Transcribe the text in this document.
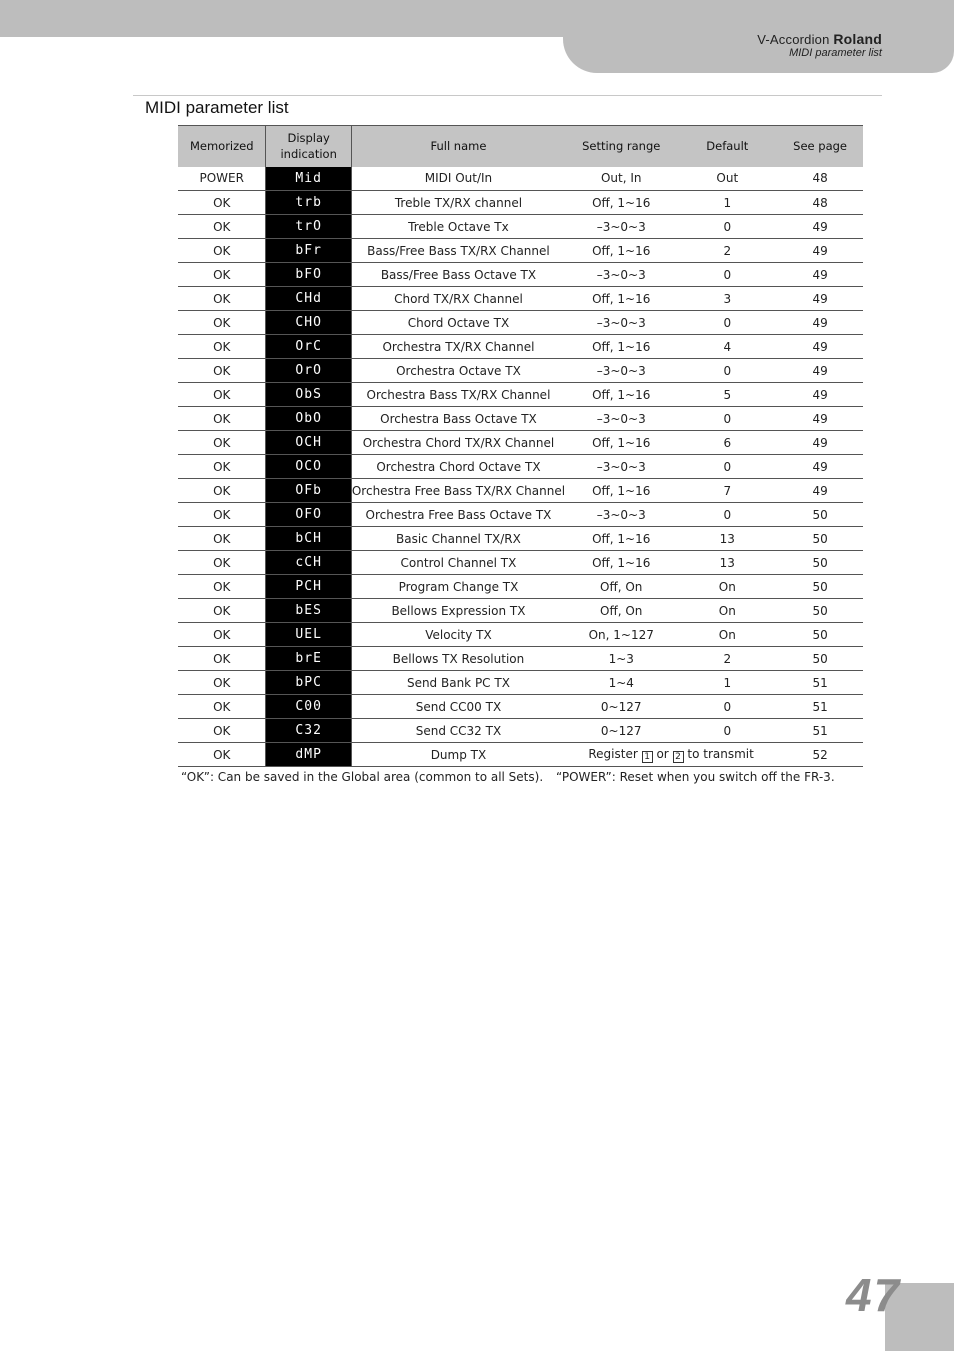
V-Accordion Roland
MIDI parameter list
MIDI parameter list
Memorized	Display indication	Full name	Setting range	Default	See page
POWER	Mid	MIDI Out/In	Out, In	Out	48
OK	trb	Treble TX/RX channel	Off, 1~16	1	48
OK	trO	Treble Octave Tx	–3~0~3	0	49
OK	bFr	Bass/Free Bass TX/RX Channel	Off, 1~16	2	49
OK	bFO	Bass/Free Bass Octave TX	–3~0~3	0	49
OK	CHd	Chord TX/RX Channel	Off, 1~16	3	49
OK	CHO	Chord Octave TX	–3~0~3	0	49
OK	OrC	Orchestra TX/RX Channel	Off, 1~16	4	49
OK	OrO	Orchestra Octave TX	–3~0~3	0	49
OK	ObS	Orchestra Bass TX/RX Channel	Off, 1~16	5	49
OK	ObO	Orchestra Bass Octave TX	–3~0~3	0	49
OK	OCH	Orchestra Chord TX/RX Channel	Off, 1~16	6	49
OK	OCO	Orchestra Chord Octave TX	–3~0~3	0	49
OK	OFb	Orchestra Free Bass TX/RX Channel	Off, 1~16	7	49
OK	OFO	Orchestra Free Bass Octave TX	–3~0~3	0	50
OK	bCH	Basic Channel TX/RX	Off, 1~16	13	50
OK	cCH	Control Channel TX	Off, 1~16	13	50
OK	PCH	Program Change TX	Off, On	On	50
OK	bES	Bellows Expression TX	Off, On	On	50
OK	UEL	Velocity TX	On, 1~127	On	50
OK	brE	Bellows TX Resolution	1~3	2	50
OK	bPC	Send Bank PC TX	1~4	1	51
OK	C00	Send CC00 TX	0~127	0	51
OK	C32	Send CC32 TX	0~127	0	51
OK	dMP	Dump TX	Register 1 or 2 to transmit		52
“OK”: Can be saved in the Global area (common to all Sets). “POWER”: Reset when you switch off the FR-3.
47
